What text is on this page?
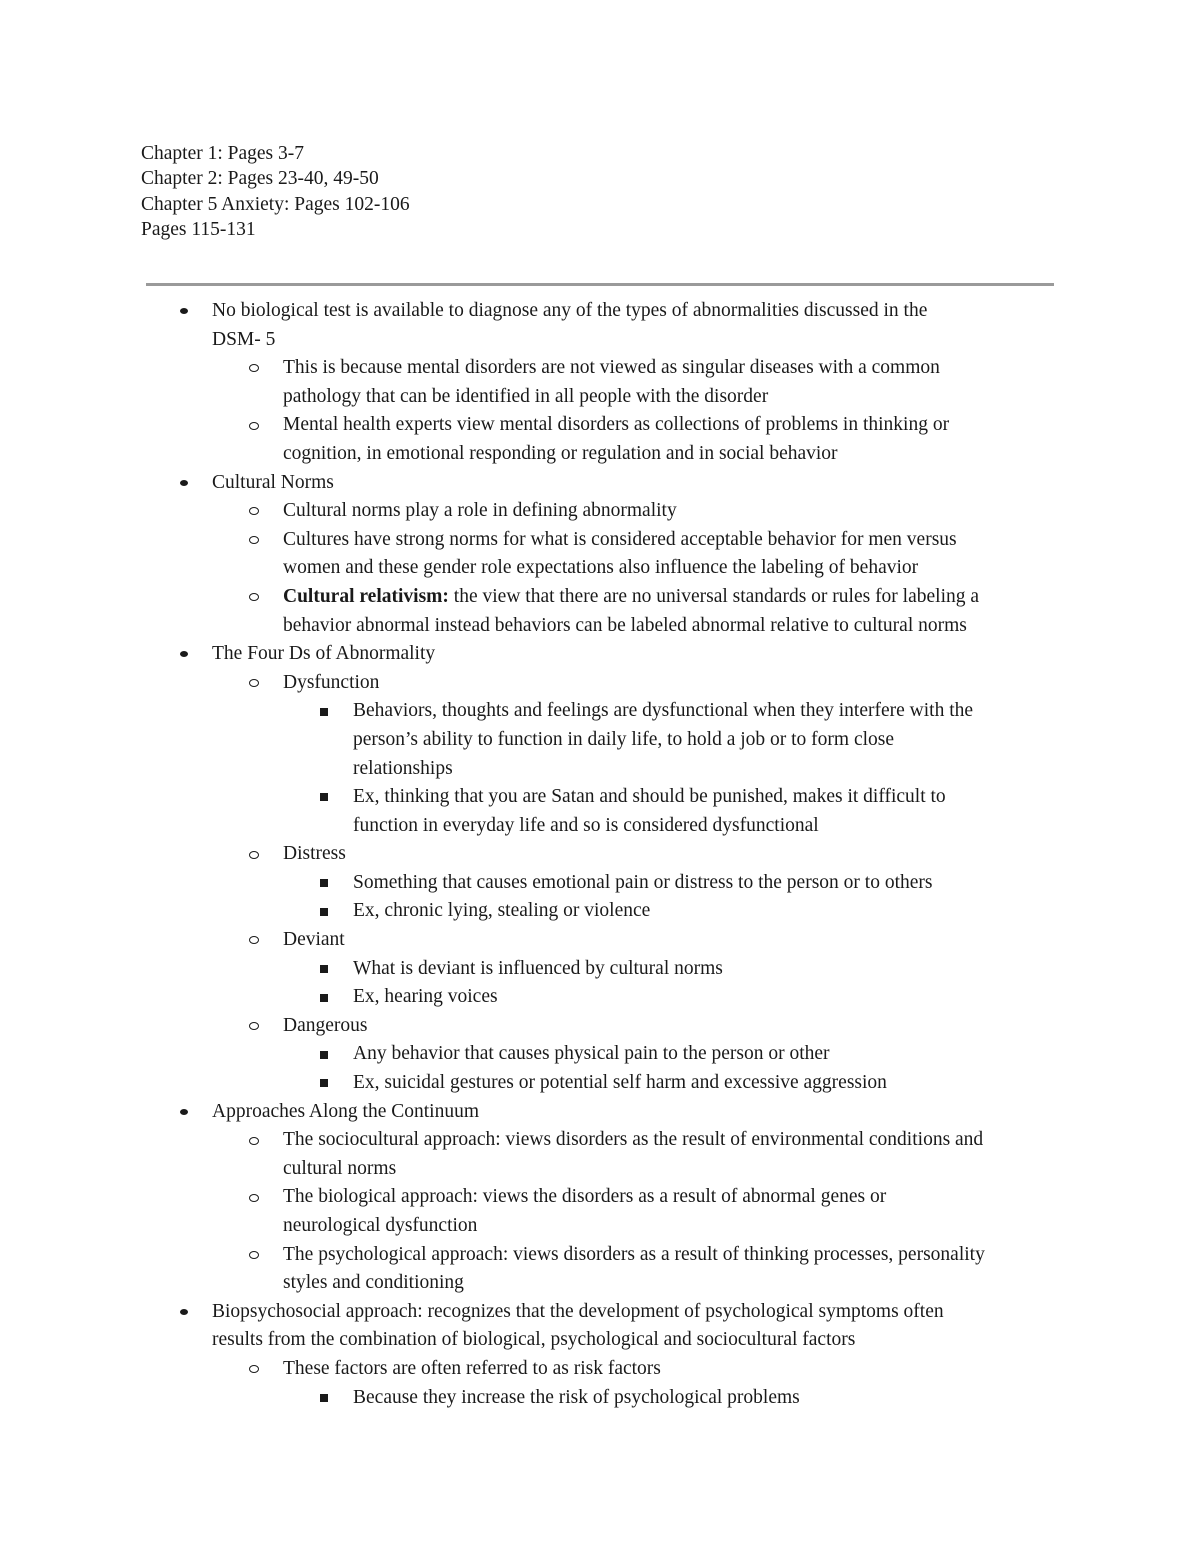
Chapter 1: Pages 3-7
Chapter 2: Pages 23-40, 49-50
Chapter 5 Anxiety: Pages 102-106
Pages 115-131
No biological test is available to diagnose any of the types of abnormalities discussed in the
DSM- 5
This is because mental disorders are not viewed as singular diseases with a common
pathology that can be identified in all people with the disorder
Mental health experts view mental disorders as collections of problems in thinking or
cognition, in emotional responding or regulation and in social behavior
Cultural Norms
Cultural norms play a role in defining abnormality
Cultures have strong norms for what is considered acceptable behavior for men versus
women and these gender role expectations also influence the labeling of behavior
Cultural relativism: the view that there are no universal standards or rules for labeling a
behavior abnormal instead behaviors can be labeled abnormal relative to cultural norms
The Four Ds of Abnormality
Dysfunction
Behaviors, thoughts and feelings are dysfunctional when they interfere with the
person’s ability to function in daily life, to hold a job or to form close
relationships
Ex, thinking that you are Satan and should be punished, makes it difficult to
function in everyday life and so is considered dysfunctional
Distress
Something that causes emotional pain or distress to the person or to others
Ex, chronic lying, stealing or violence
Deviant
What is deviant is influenced by cultural norms
Ex, hearing voices
Dangerous
Any behavior that causes physical pain to the person or other
Ex, suicidal gestures or potential self harm and excessive aggression
Approaches Along the Continuum
The sociocultural approach: views disorders as the result of environmental conditions and
cultural norms
The biological approach: views the disorders as a result of abnormal genes or
neurological dysfunction
The psychological approach: views disorders as a result of thinking processes, personality
styles and conditioning
Biopsychosocial approach: recognizes that the development of psychological symptoms often
results from the combination of biological, psychological and sociocultural factors
These factors are often referred to as risk factors
Because they increase the risk of psychological problems
